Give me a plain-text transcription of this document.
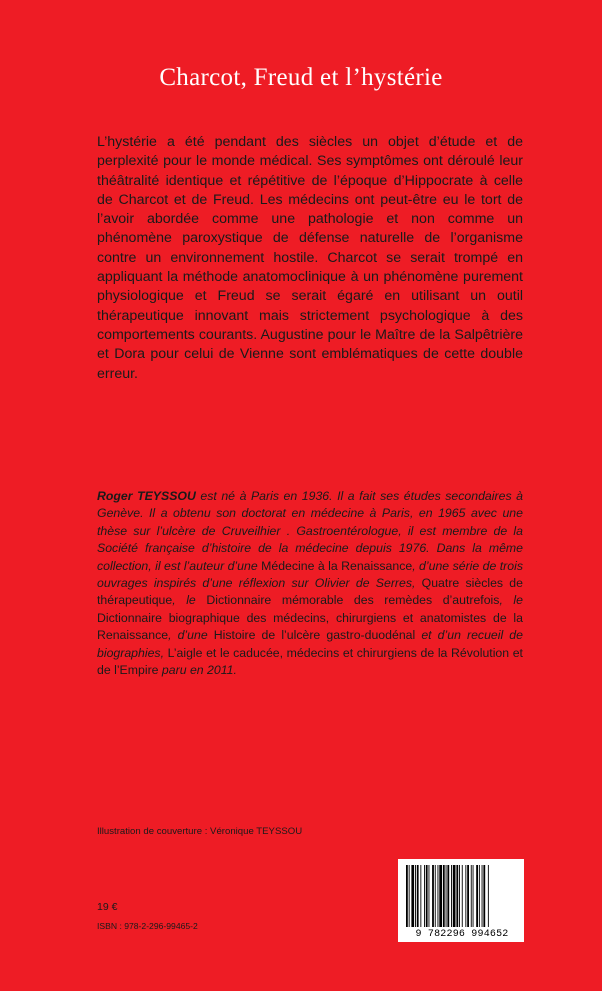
Charcot, Freud et l’hystérie

L’hystérie a été pendant des siècles un objet d’étude et de perplexité pour le monde médical. Ses symptômes ont déroulé leur théâtralité identique et répétitive de l’époque d’Hippocrate à celle de Charcot et de Freud. Les médecins ont peut-être eu le tort de l’avoir abordée comme une pathologie et non comme un phénomène paroxystique de défense naturelle de l’organisme contre un environnement hostile. Charcot se serait trompé en appliquant la méthode anatomoclinique à un phénomène purement physiologique et Freud se serait égaré en utilisant un outil thérapeutique innovant mais strictement psychologique à des comportements courants. Augustine pour le Maître de la Salpêtrière et Dora pour celui de Vienne sont emblématiques de cette double erreur.

Roger TEYSSOU est né à Paris en 1936. Il a fait ses études secondaires à Genève. Il a obtenu son doctorat en médecine à Paris, en 1965 avec une thèse sur l’ulcère de Cruveilhier . Gastroentérologue, il est membre de la Société française d’histoire de la médecine depuis 1976. Dans la même collection, il est l’auteur d’une Médecine à la Renaissance, d’une série de trois ouvrages inspirés d’une réflexion sur Olivier de Serres, Quatre siècles de thérapeutique, le Dictionnaire mémorable des remèdes d’autrefois, le Dictionnaire biographique des médecins, chirurgiens et anatomistes de la Renaissance, d’une Histoire de l’ulcère gastro-duodénal et d’un recueil de biographies, L’aigle et le caducée, médecins et chirurgiens de la Révolution et de l’Empire paru en 2011.

Illustration de couverture : Véronique TEYSSOU
19 €
ISBN : 978-2-296-99465-2
9 782296 994652
